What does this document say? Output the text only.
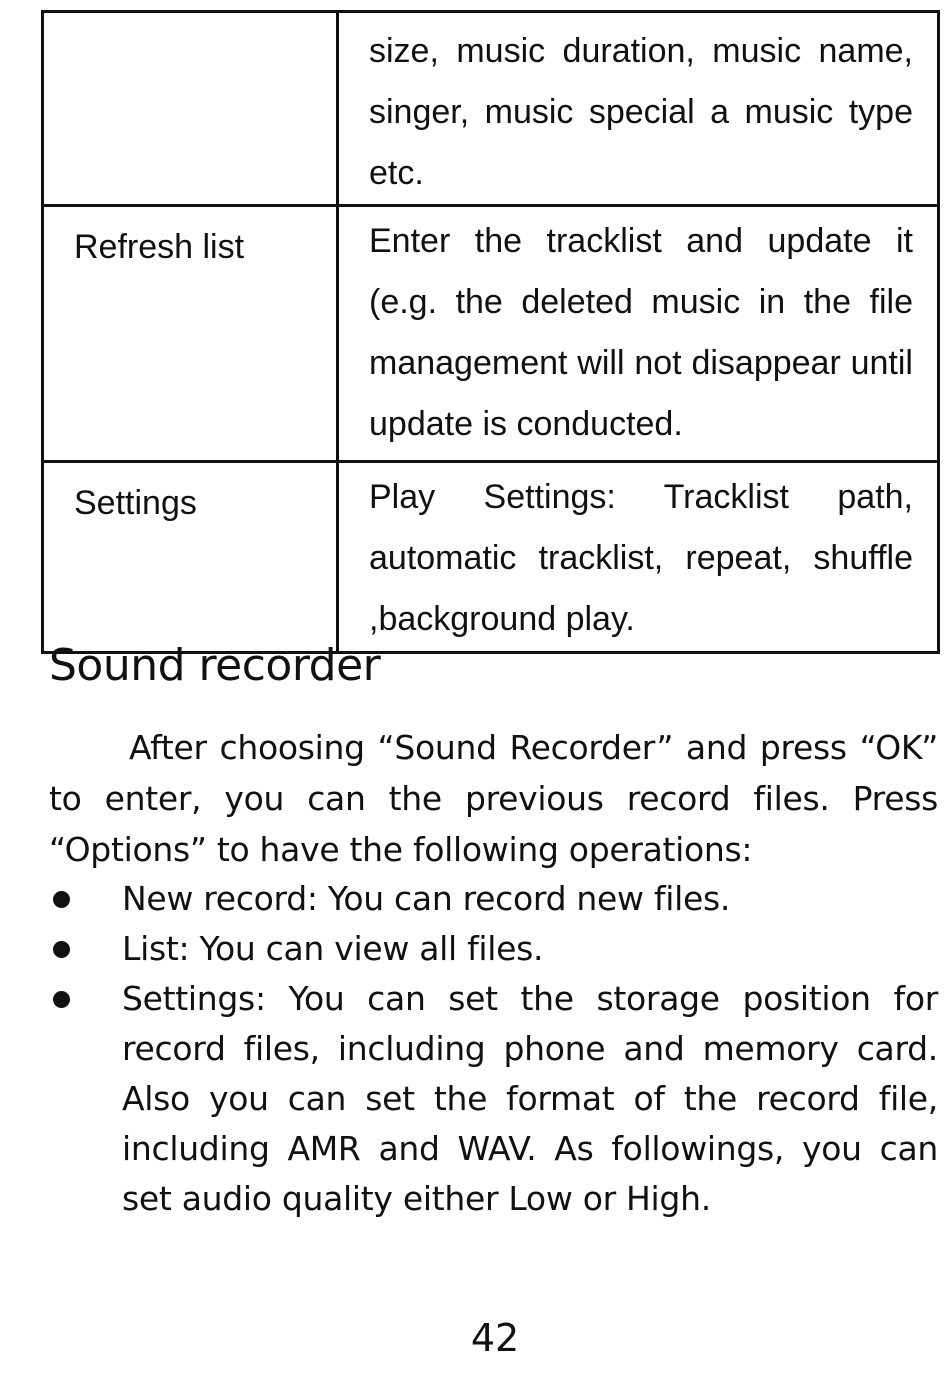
	size, music duration, music name, singer, music special a music type etc.

Refresh list	Enter the tracklist and update it (e.g. the deleted music in the file management will not disappear until update is conducted.

Settings	Play Settings: Tracklist path, automatic tracklist, repeat, shuffle ,background play.
Sound recorder

After choosing “Sound Recorder” and press “OK” to enter, you can the previous record files. Press “Options” to have the following operations:

New record: You can record new files.
List: You can view all files.
Settings: You can set the storage position for record files, including phone and memory card. Also you can set the format of the record file, including AMR and WAV. As followings, you can set audio quality either Low or High.
42
